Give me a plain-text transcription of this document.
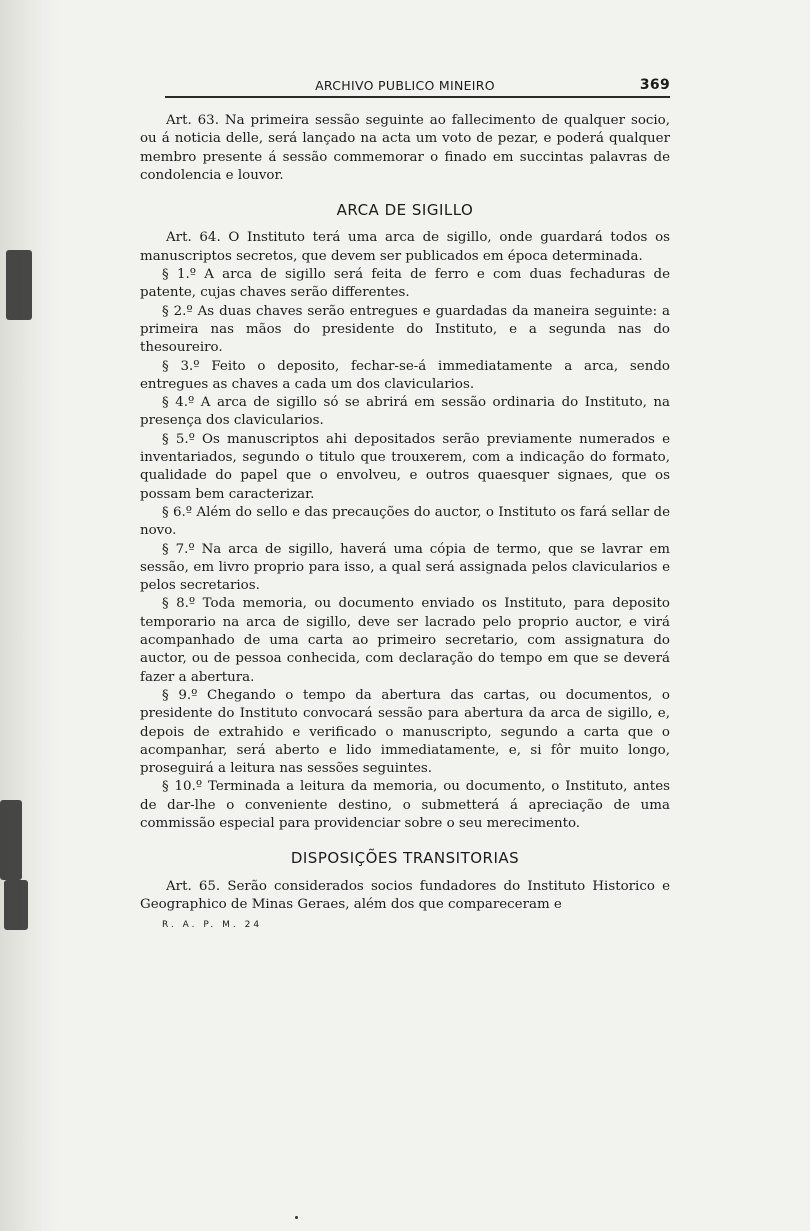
ARCHIVO PUBLICO MINEIRO	369

Art. 63. Na primeira sessão seguinte ao fallecimento de qualquer socio, ou á noticia delle, será lançado na acta um voto de pezar, e poderá qualquer membro presente á sessão commemorar o finado em succintas palavras de condolencia e louvor.

ARCA DE SIGILLO

Art. 64. O Instituto terá uma arca de sigillo, onde guardará todos os manuscriptos secretos, que devem ser publicados em época determinada.

§ 1.º A arca de sigillo será feita de ferro e com duas fechaduras de patente, cujas chaves serão differentes.

§ 2.º As duas chaves serão entregues e guardadas da maneira seguinte: a primeira nas mãos do presidente do Instituto, e a segunda nas do thesoureiro.

§ 3.º Feito o deposito, fechar-se-á immediatamente a arca, sendo entregues as chaves a cada um dos clavicularios.

§ 4.º A arca de sigillo só se abrirá em sessão ordinaria do Instituto, na presença dos clavicularios.

§ 5.º Os manuscriptos ahi depositados serão previamente numerados e inventariados, segundo o titulo que trouxerem, com a indicação do formato, qualidade do papel que o envolveu, e outros quaesquer signaes, que os possam bem caracterizar.

§ 6.º Além do sello e das precauções do auctor, o Instituto os fará sellar de novo.

§ 7.º Na arca de sigillo, haverá uma cópia de termo, que se lavrar em sessão, em livro proprio para isso, a qual será assignada pelos clavicularios e pelos secretarios.

§ 8.º Toda memoria, ou documento enviado os Instituto, para deposito temporario na arca de sigillo, deve ser lacrado pelo proprio auctor, e virá acompanhado de uma carta ao primeiro secretario, com assignatura do auctor, ou de pessoa conhecida, com declaração do tempo em que se deverá fazer a abertura.

§ 9.º Chegando o tempo da abertura das cartas, ou documentos, o presidente do Instituto convocará sessão para abertura da arca de sigillo, e, depois de extrahido e verificado o manuscripto, segundo a carta que o acompanhar, será aberto e lido immediatamente, e, si fôr muito longo, proseguirá a leitura nas sessões seguintes.

§ 10.º Terminada a leitura da memoria, ou documento, o Instituto, antes de dar-lhe o conveniente destino, o submetterá á apreciação de uma commissão especial para providenciar sobre o seu merecimento.

DISPOSIÇÕES TRANSITORIAS

Art. 65. Serão considerados socios fundadores do Instituto Historico e Geographico de Minas Geraes, além dos que compareceram e

R. A. P. M. 24
